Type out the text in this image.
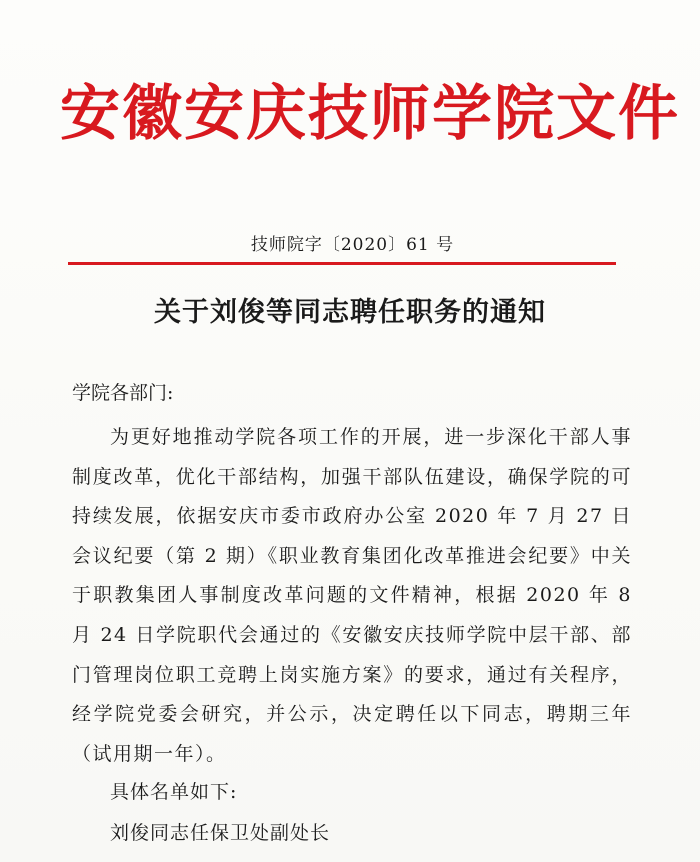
安徽安庆技师学院文件
技师院字〔2020〕61 号
关于刘俊等同志聘任职务的通知
学院各部门:
为更好地推动学院各项工作的开展，进一步深化干部人事制度改革，优化干部结构，加强干部队伍建设，确保学院的可持续发展，依据安庆市委市政府办公室 2020 年 7 月 27 日会议纪要（第 2 期）《职业教育集团化改革推进会纪要》中关于职教集团人事制度改革问题的文件精神，根据 2020 年 8 月 24 日学院职代会通过的《安徽安庆技师学院中层干部、部门管理岗位职工竞聘上岗实施方案》的要求，通过有关程序，经学院党委会研究，并公示，决定聘任以下同志，聘期三年（试用期一年）。
具体名单如下:
刘俊同志任保卫处副处长
